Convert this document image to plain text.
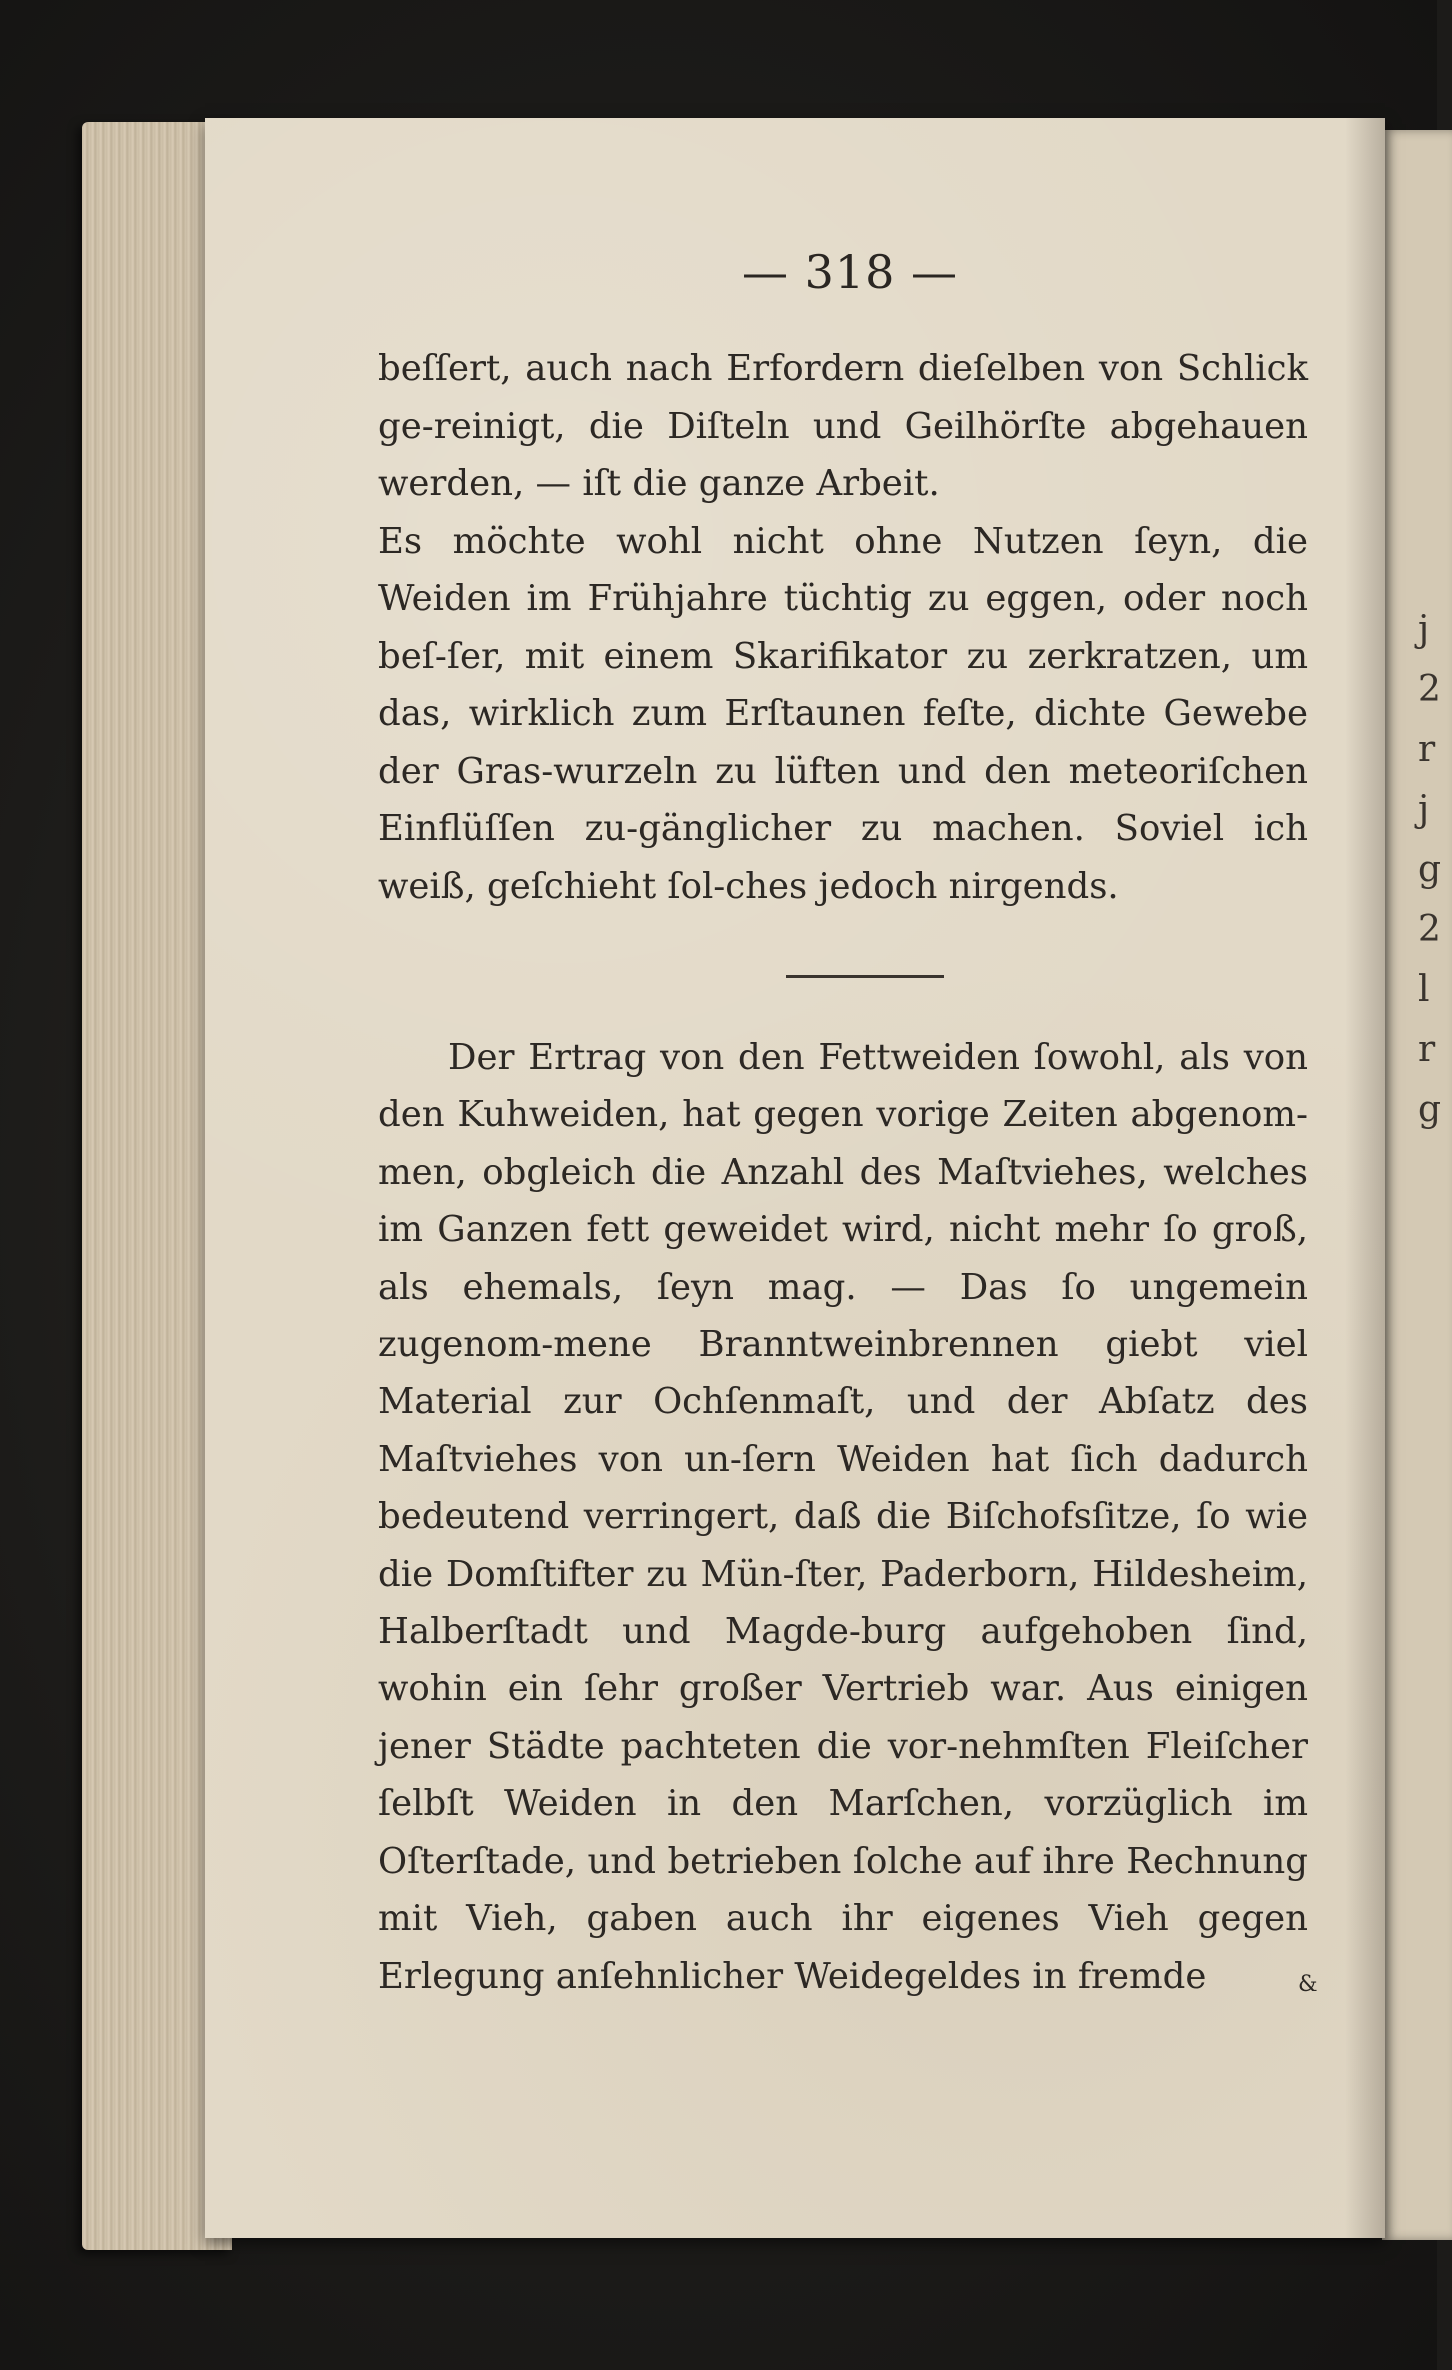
j
2
r
j
g
2
l
r
g
— 318 —

beſſert, auch nach Erfordern dieſelben von Schlick ge-reinigt, die Diſteln und Geilhörſte abgehauen werden, — iſt die ganze Arbeit.

Es möchte wohl nicht ohne Nutzen ſeyn, die Weiden im Frühjahre tüchtig zu eggen, oder noch beſ-ſer, mit einem Skarifikator zu zerkratzen, um das, wirklich zum Erſtaunen feſte, dichte Gewebe der Gras-wurzeln zu lüften und den meteoriſchen Einflüſſen zu-gänglicher zu machen. Soviel ich weiß, geſchieht ſol-ches jedoch nirgends.

Der Ertrag von den Fettweiden ſowohl, als von den Kuhweiden, hat gegen vorige Zeiten abgenom-men, obgleich die Anzahl des Maſtviehes, welches im Ganzen fett geweidet wird, nicht mehr ſo groß, als ehemals, ſeyn mag. — Das ſo ungemein zugenom-mene Branntweinbrennen giebt viel Material zur Ochſenmaſt, und der Abſatz des Maſtviehes von un-ſern Weiden hat ſich dadurch bedeutend verringert, daß die Biſchofsſitze, ſo wie die Domſtifter zu Mün-ſter, Paderborn, Hildesheim, Halberſtadt und Magde-burg aufgehoben ſind, wohin ein ſehr großer Vertrieb war. Aus einigen jener Städte pachteten die vor-nehmſten Fleiſcher ſelbſt Weiden in den Marſchen, vorzüglich im Oſterſtade, und betrieben ſolche auf ihre Rechnung mit Vieh, gaben auch ihr eigenes Vieh gegen Erlegung anſehnlicher Weidegeldes in fremde	&
